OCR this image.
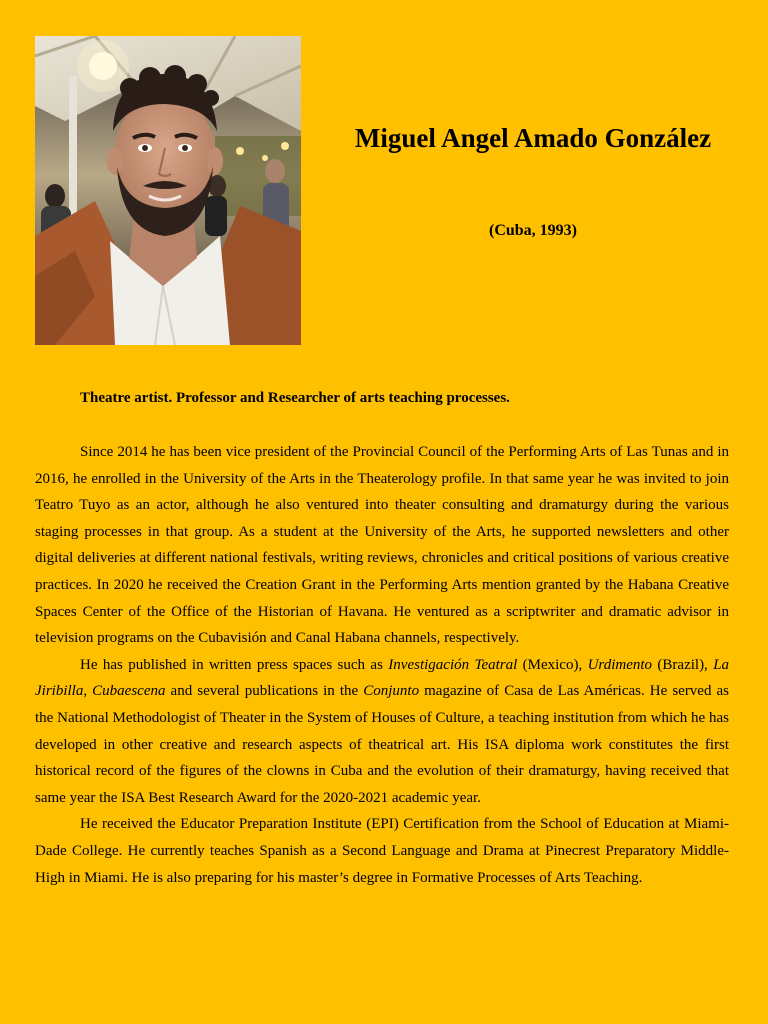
Miguel Angel Amado González
(Cuba, 1993)
Theatre artist. Professor and Researcher of arts teaching processes.

Since 2014 he has been vice president of the Provincial Council of the Performing Arts of Las Tunas and in 2016, he enrolled in the University of the Arts in the Theaterology profile. In that same year he was invited to join Teatro Tuyo as an actor, although he also ventured into theater consulting and dramaturgy during the various staging processes in that group. As a student at the University of the Arts, he supported newsletters and other digital deliveries at different national festivals, writing reviews, chronicles and critical positions of various creative practices. In 2020 he received the Creation Grant in the Performing Arts mention granted by the Habana Creative Spaces Center of the Office of the Historian of Havana. He ventured as a scriptwriter and dramatic advisor in television programs on the Cubavisión and Canal Habana channels, respectively.

He has published in written press spaces such as Investigación Teatral (Mexico), Urdimento (Brazil), La Jiribilla, Cubaescena and several publications in the Conjunto magazine of Casa de Las Américas. He served as the National Methodologist of Theater in the System of Houses of Culture, a teaching institution from which he has developed in other creative and research aspects of theatrical art. His ISA diploma work constitutes the first historical record of the figures of the clowns in Cuba and the evolution of their dramaturgy, having received that same year the ISA Best Research Award for the 2020-2021 academic year.

He received the Educator Preparation Institute (EPI) Certification from the School of Education at Miami-Dade College. He currently teaches Spanish as a Second Language and Drama at Pinecrest Preparatory Middle-High in Miami. He is also preparing for his master’s degree in Formative Processes of Arts Teaching.
